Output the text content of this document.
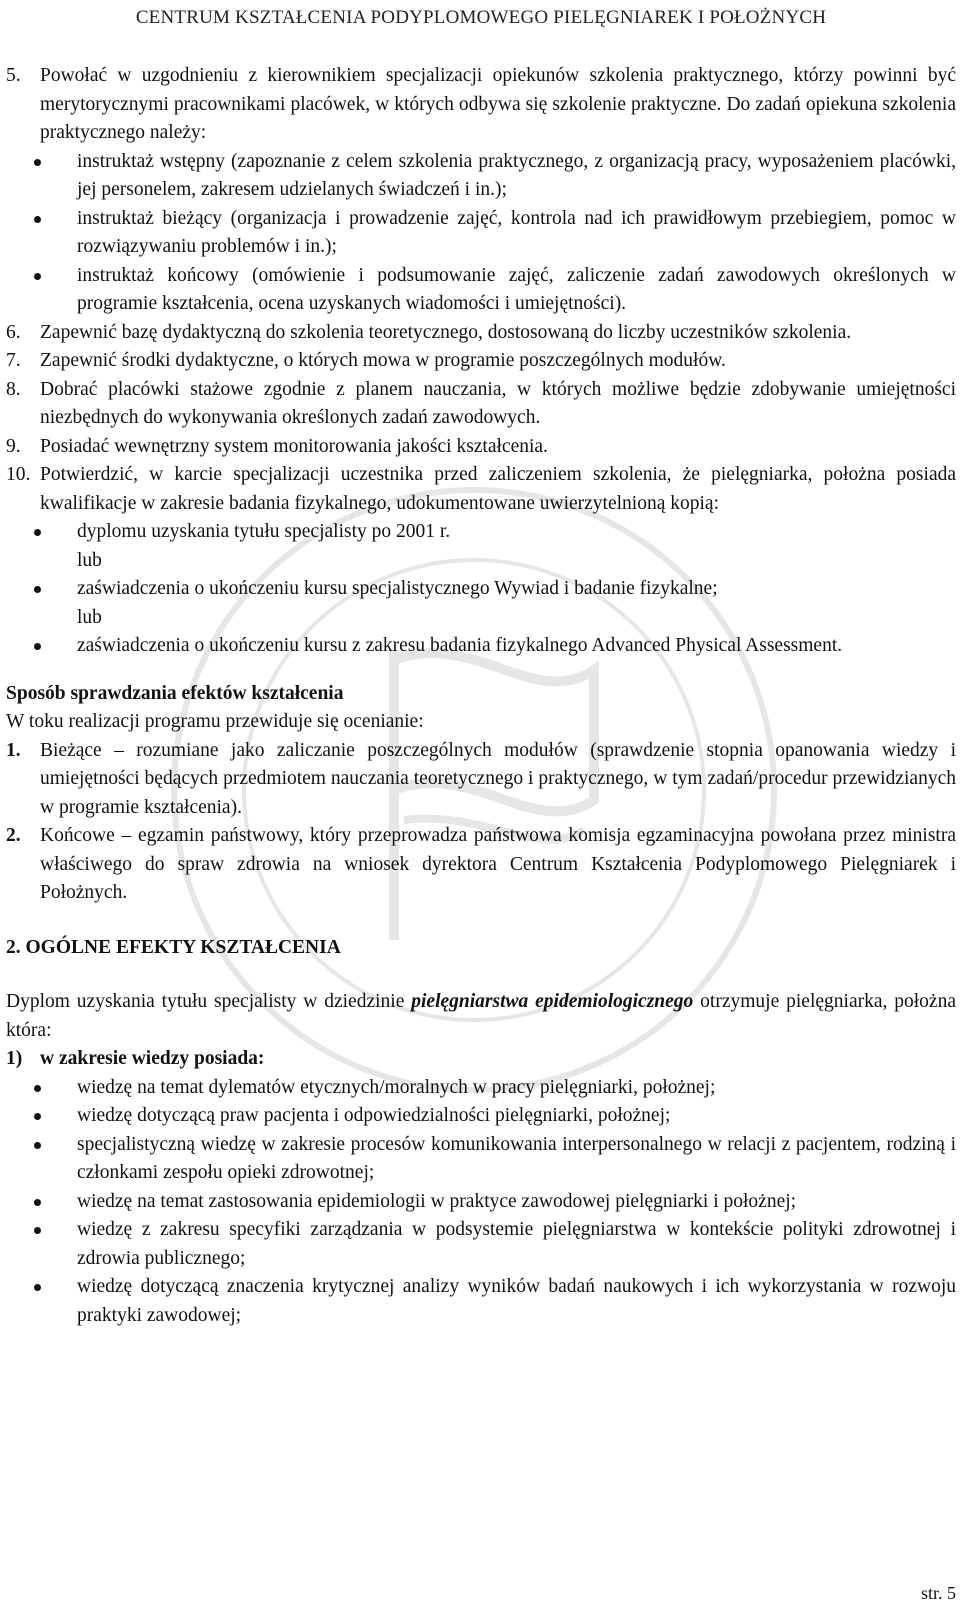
CENTRUM KSZTAŁCENIA PODYPLOMOWEGO PIELĘGNIAREK I POŁOŻNYCH

5. Powołać w uzgodnieniu z kierownikiem specjalizacji opiekunów szkolenia praktycznego, którzy powinni być merytorycznymi pracownikami placówek, w których odbywa się szkolenie praktyczne. Do zadań opiekuna szkolenia praktycznego należy:

instruktaż wstępny (zapoznanie z celem szkolenia praktycznego, z organizacją pracy, wyposażeniem placówki, jej personelem, zakresem udzielanych świadczeń i in.);

instruktaż bieżący (organizacja i prowadzenie zajęć, kontrola nad ich prawidłowym przebiegiem, pomoc w rozwiązywaniu problemów i in.);

instruktaż końcowy (omówienie i podsumowanie zajęć, zaliczenie zadań zawodowych określonych w programie kształcenia, ocena uzyskanych wiadomości i umiejętności).

6. Zapewnić bazę dydaktyczną do szkolenia teoretycznego, dostosowaną do liczby uczestników szkolenia.

7. Zapewnić środki dydaktyczne, o których mowa w programie poszczególnych modułów.

8. Dobrać placówki stażowe zgodnie z planem nauczania, w których możliwe będzie zdobywanie umiejętności niezbędnych do wykonywania określonych zadań zawodowych.

9. Posiadać wewnętrzny system monitorowania jakości kształcenia.

10. Potwierdzić, w karcie specjalizacji uczestnika przed zaliczeniem szkolenia, że pielęgniarka, położna posiada kwalifikacje w zakresie badania fizykalnego, udokumentowane uwierzytelnioną kopią:

dyplomu uzyskania tytułu specjalisty po 2001 r.

lub

zaświadczenia o ukończeniu kursu specjalistycznego Wywiad i badanie fizykalne;

lub

zaświadczenia o ukończeniu kursu z zakresu badania fizykalnego Advanced Physical Assessment.

Sposób sprawdzania efektów kształcenia

W toku realizacji programu przewiduje się ocenianie:

1. Bieżące – rozumiane jako zaliczanie poszczególnych modułów (sprawdzenie stopnia opanowania wiedzy i umiejętności będących przedmiotem nauczania teoretycznego i praktycznego, w tym zadań/procedur przewidzianych w programie kształcenia).

2. Końcowe – egzamin państwowy, który przeprowadza państwowa komisja egzaminacyjna powołana przez ministra właściwego do spraw zdrowia na wniosek dyrektora Centrum Kształcenia Podyplomowego Pielęgniarek i Położnych.

2. OGÓLNE EFEKTY KSZTAŁCENIA

Dyplom uzyskania tytułu specjalisty w dziedzinie pielęgniarstwa epidemiologicznego otrzymuje pielęgniarka, położna która:

1) w zakresie wiedzy posiada:

wiedzę na temat dylematów etycznych/moralnych w pracy pielęgniarki, położnej;

wiedzę dotyczącą praw pacjenta i odpowiedzialności pielęgniarki, położnej;

specjalistyczną wiedzę w zakresie procesów komunikowania interpersonalnego w relacji z pacjentem, rodziną i członkami zespołu opieki zdrowotnej;

wiedzę na temat zastosowania epidemiologii w praktyce zawodowej pielęgniarki i położnej;

wiedzę z zakresu specyfiki zarządzania w podsystemie pielęgniarstwa w kontekście polityki zdrowotnej i zdrowia publicznego;

wiedzę dotyczącą znaczenia krytycznej analizy wyników badań naukowych i ich wykorzystania w rozwoju praktyki zawodowej;

str. 5
